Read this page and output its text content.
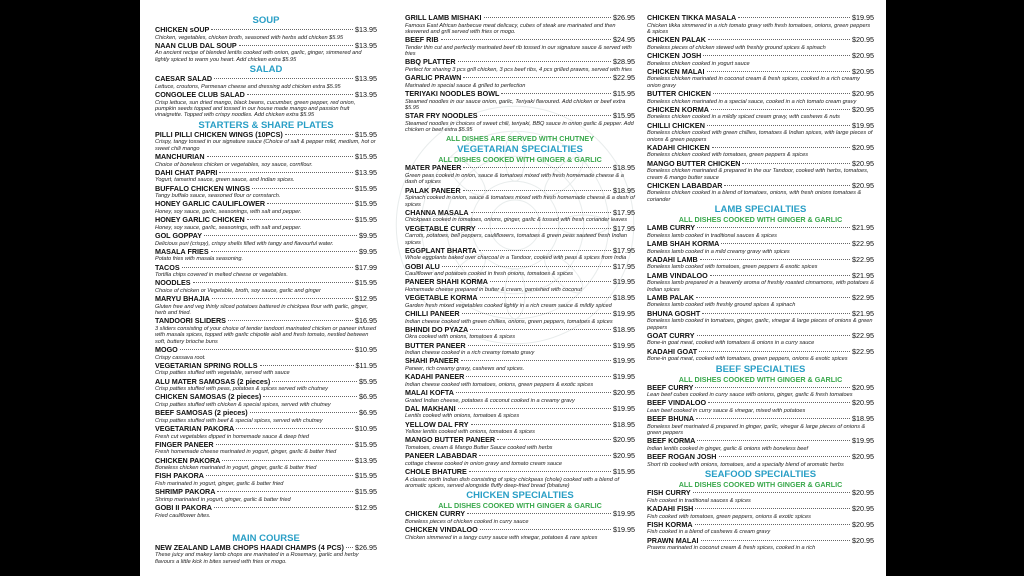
SOUP
CHICKEN sOUP	$13.95
Chicken, vegetables, chicken broth, seasoned with herbs add chicken $5.95
NAAN CLUB DAL SOUP	$13.95
An ancient recipe of blended lentils cooked with onion, garlic, ginger, simmered and lightly spiced to warm you heart. Add chicken extra $5.95
SALAD
CAESAR SALAD	$13.95
Lettuce, croutons, Parmesan cheese and dressing add chicken extra $5.95
CONGOLEE CLUB SALAD	$13.95
Crisp lettuce, sun dried mango, black beans, cucumber, green pepper, red onion, pumpkin seeds topped and tossed in our house made mango and passion fruit vinaigrette. Topped with crispy noodles. Add chicken extra $5.95
STARTERS & SHARE PLATES
PILLI PILLI CHICKEN WINGS (10PCS)	$15.95
Crispy, tangy tossed in our signature sauce (Choice of salt & pepper mild, medium, hot or sweet chili mango
MANCHURIAN	$15.95
Choice of boneless chicken or vegetables, soy sauce, cornflour.
DAHI CHAT PAPRI	$13.95
Yogurt, tamarind sauce, green sauce, and Indian spices.
BUFFALO CHICKEN WINGS	$15.95
Tangy buffalo sauce, seasoned flour or cornstarch.
HONEY GARLIC CAULIFLOWER	$15.95
Honey, soy sauce, garlic, seasonings, with salt and pepper.
HONEY GARLIC CHICKEN	$15.95
Honey, soy sauce, garlic, seasonings, with salt and pepper.
GOL GOPPAY	$9.95
Delicious puri (crispy), crispy shells filled with tangy and flavourful water.
MASALA FRIES	$9.95
Potato fries with masala seasoning.
TACOS	$17.99
Tortilla chips covered in melted cheese or vegetables.
NOODLES	$15.95
Choice of chicken or Vegetable, broth, soy sauce, garlic and ginger
MARYU BHAJIA	$12.95
Gluten free and veg thinly sliced potatoes battered in chickpea flour with garlic, ginger, herb and fried.
TANDOORI SLIDERS	$16.95
3 sliders consisting of your choice of tender tandoori marinated chicken or paneer infused with masala spices, topped with garlic chipotle aioli and fresh tomato, nestled between soft, buttery brioche buns
MOGO	$10.95
Crispy cassava root.
VEGETARIAN SPRING ROLLS	$11.95
Crisp patties stuffed with vegetable, served with sauce
ALU MATER SAMOSAS (2 pieces)	$5.95
Crisp patties stuffed with peas, potatoes & spices served with chutney
CHICKEN SAMOSAS (2 pieces)	$6.95
Crisp patties stuffed with chicken & special spices, served with chutney
BEEF SAMOSAS (2 pieces)	$6.95
Crisp patties stuffed with beef & special spices, served with chutney
VEGETARIAN PAKORA	$10.95
Fresh cut vegetables dipped in homemade sauce & deep fried
FINGER PANEER	$15.95
Fresh homemade cheese marinated in yogurt, ginger, garlic & batter fried
CHICKEN PAKORA	$13.95
Boneless chicken marinated in yogurt, ginger, garlic & batter fried
FISH PAKORA	$15.95
Fish marinated in yogurt, ginger, garlic & batter fried
SHRIMP PAKORA	$15.95
Shrimp marinated in yogurt, ginger, garlic & batter fried
GOBI II PAKORA	$12.95
Fried cauliflower bites.
MAIN COURSE
NEW ZEALAND LAMB CHOPS HAADI CHAMPS (4 PCS) $26.95
These juicy and makey lamb chops are marinated in a Rosemary, garlic and herby flavours a little kick in bites served with fries or mogo.
GRILL LAMB MISHAKI	$26.95
Famous East African barbecue meat delicacy, cubes of steak are marinated and then skewered and grill served with fries or mogo.
BEEF RIB	$24.95
Tender thin cut and perfectly marinated beef rib tossed in our signature sauce & served with fries
BBQ PLATTER	$28.95
Perfect for sharing 3 pcs grill chicken, 3 pcs beef ribs, 4 pcs grilled prawns, served with fries
GARLIC PRAWN	$22.95
Marinated in special sauce & grilled to perfection
TERIYAKI NOODLES BOWL	$15.95
Steamed noodles in our sauce onion, garlic, Teriyaki flavoured. Add chicken or beef extra $5.95
STAR FRY NOODLES	$15.95
Steamed noodles in choices of sweet chili, teriyaki, BBQ sauce in onion garlic & pepper. Add chicken or beef extra $5.95
ALL DISHES ARE SERVED WITH CHUTNEY
VEGETARIAN SPECIALTIES
ALL DISHES COOKED WITH GINGER & GARLIC
MATER PANEER	$18.95
Green peas cooked in onion, sauce & tomatoes mixed with fresh homemade cheese & a dash of spices
PALAK PANEER	$18.95
Spinach cooked in onion, sauce & tomatoes mixed with fresh homemade cheese & a dash of spices
CHANNA MASALA	$17.95
Chickpeas cooked in tomatoes, onions, ginger, garlic & tossed with fresh coriander leaves
VEGETABLE CURRY	$17.95
Carrots, potatoes, bell peppers, cauliflowers, tomatoes & green peas sauteed fresh Indian spices
EGGPLANT BHARTA	$17.95
Whole eggplants baked over charcoal in a Tandoor, cooked with peas & spices from India
GOBI ALU	$17.95
Cauliflower and potatoes cooked in fresh onions, tomatoes & spices
PANEER SHAHI KORMA	$19.95
Homemade cheese prepared in butter & cream, garnished with coconut
VEGETABLE KORMA	$18.95
Garden fresh mixed vegetables cooked lightly in a rich cream sauce & mildly spiced
CHILLI PANEER	$19.95
Indian cheese cooked with green chillies, onions, green peppers, tomatoes & spices
BHINDI DO PYAZA	$18.95
Okra cooked with onions, tomatoes & spices
BUTTER PANEER	$19.95
Indian cheese cooked in a rich creamy tomato gravy
SHAHI PANEER	$19.95
Paneer, rich creamy gravy, cashews and spices.
KADAHI PANEER	$19.95
Indian cheese cooked with tomatoes, onions, green peppers & exotic spices
MALAI KOFTA	$20.95
Grated Indian cheese, potatoes & coconut cooked in a creamy gravy
DAL MAKHANI	$19.95
Lentils cooked with onions, tomatoes & spices
YELLOW DAL FRY	$18.95
Yellow lentils cooked with onions, tomatoes & spices
MANGO BUTTER PANEER	$20.95
Tomatoes, cream & Mango Butter Sauce cooked with herbs
PANEER LABABDAR	$20.95
cottage cheese cooked in onion gravy and tomato cream sauce
CHOLE BHATURE	$15.95
A classic north Indian dish consisting of spicy chickpeas (chole) cooked with a blend of aromatic spices, served alongside fluffy deep-fried bread (bhature)
CHICKEN SPECIALTIES
ALL DISHES COOKED WITH GINGER & GARLIC
CHICKEN CURRY	$19.95
Boneless pieces of chicken cooked in curry sauce
CHICKEN VINDALOO	$19.95
Chicken simmered in a tangy curry sauce with vinegar, potatoes & rare spices
CHICKEN TIKKA MASALA	$19.95
Chicken tikka simmered in a rich tomato gravy with fresh tomatoes, onions, green peppers & spices
CHICKEN PALAK	$20.95
Boneless pieces of chicken stewed with freshly ground spices & spinach
CHICKEN JOSH	$20.95
Boneless chicken cooked in yogurt sauce
CHICKEN MALAI	$20.95
Boneless chicken marinated in coconut cream & fresh spices, cooked in a rich creamy onion gravy
BUTTER CHICKEN	$20.95
Boneless chicken marinated in a special sauce, cooked in a rich tomato cream gravy
CHICKEN KORMA	$20.95
Boneless chicken cooked in a mildly spiced cream gravy, with cashews & nuts
CHILLI CHICKEN	$19.95
Boneless chicken cooked with green chillies, tomatoes & Indian spices, with large pieces of onions & green peppers
KADAHI CHICKEN	$20.95
Boneless chicken cooked with tomatoes, green peppers & spices
MANGO BUTTER CHICKEN	$20.95
Boneless chicken marinated & prepared in the our Tandoor, cooked with herbs, tomatoes, cream & mango butter sauce
CHICKEN LABABDAR	$20.95
Boneless chicken cooked in a blend of tomatoes, onions, with fresh onions tomatoes & coriander
LAMB SPECIALTIES
ALL DISHES COOKED WITH GINGER & GARLIC
LAMB CURRY	$21.95
Boneless lamb cooked in traditional sauces & spices
LAMB SHAH KORMA	$22.95
Boneless lamb cooked in a mild creamy gravy with spices
KADAHI LAMB	$22.95
Boneless lamb cooked with tomatoes, green peppers & exotic spices
LAMB VINDALOO	$21.95
Boneless lamb prepared in a heavenly aroma of freshly roasted cinnamons, with potatoes & Indian spices
LAMB PALAK	$22.95
Boneless lamb cooked with freshly ground spices & spinach
BHUNA GOSHT	$21.95
Boneless lamb cooked in tomatoes, ginger, garlic, vinegar & large pieces of onions & green peppers
GOAT CURRY	$22.95
Bone-in goat meat, cooked with tomatoes & onions in a curry sauce
KADAHI GOAT	$22.95
Bone-in goat meat, cooked with tomatoes, green peppers, onions & exotic spices
BEEF SPECIALTIES
ALL DISHES COOKED WITH GINGER & GARLIC
BEEF CURRY	$20.95
Lean beef cubes cooked in curry sauce with onions, ginger, garlic & fresh tomatoes
BEEF VINDALOO	$20.95
Lean beef cooked in curry sauce & vinegar, mixed with potatoes
BEEF BHUNA	$18.95
Boneless beef marinated & prepared in ginger, garlic, vinegar & large pieces of onions & green peppers
BEEF KORMA	$19.95
Indian lentils cooked in ginger, garlic & onions with boneless beef
BEEF ROGAN JOSH	$20.95
Short rib cooked with onions, tomatoes, and a specialty blend of aromatic herbs
SEAFOOD SPECIALTIES
ALL DISHES COOKED WITH GINGER & GARLIC
FISH CURRY	$20.95
Fish cooked in traditional sauces & spices
KADAHI FISH	$20.95
Fish cooked with tomatoes, green peppers, onions & exotic spices
FISH KORMA	$20.95
Fish cooked in a blend of cashews & cream gravy
PRAWN MALAI	$20.95
Prawns marinated in coconut cream & fresh spices, cooked in a rich
